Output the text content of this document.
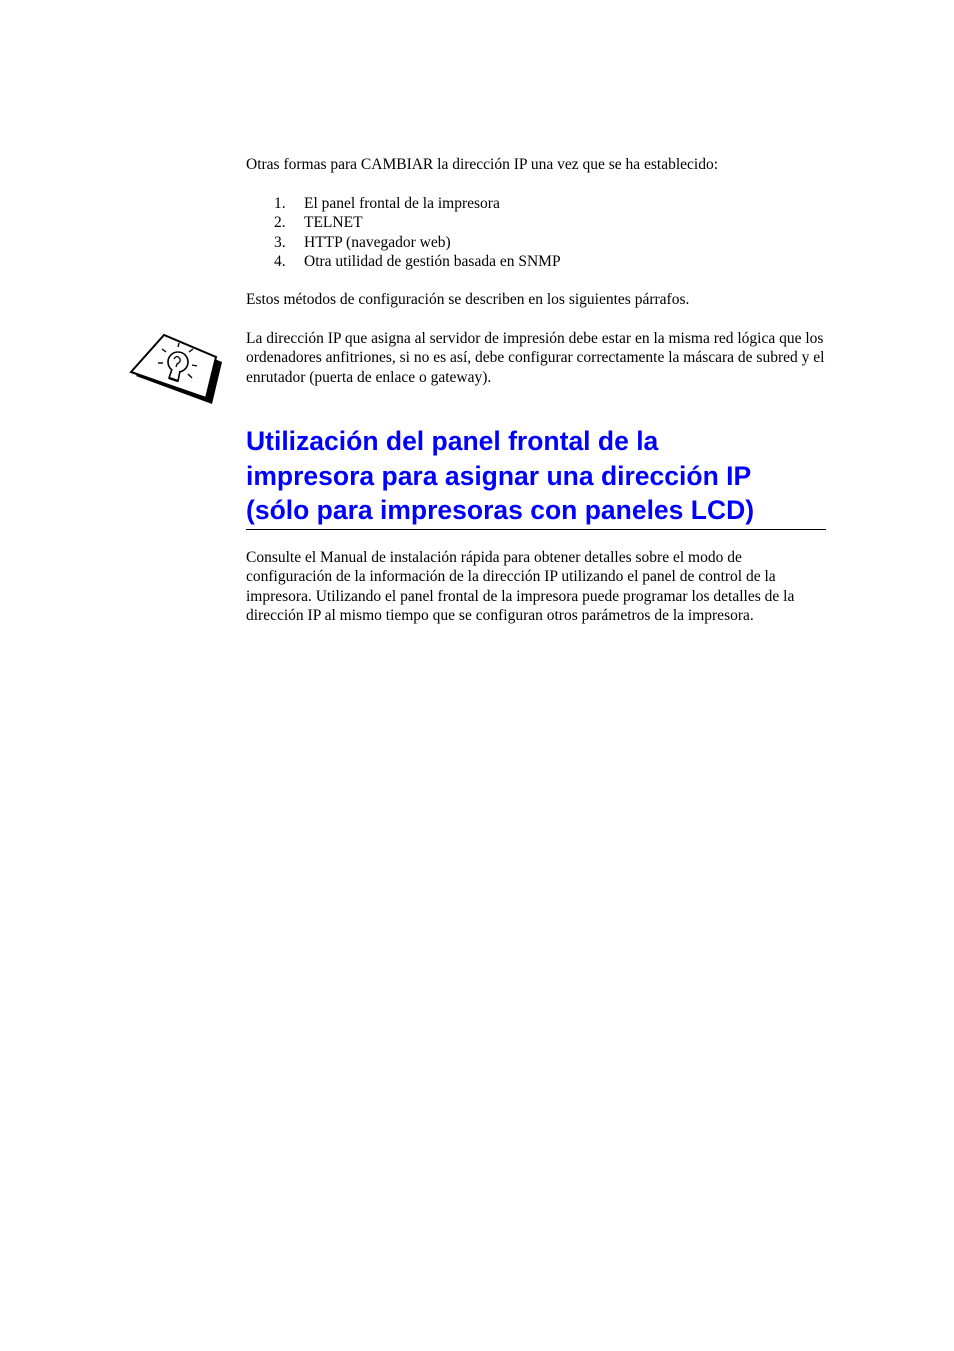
Otras formas para CAMBIAR la dirección IP una vez que se ha establecido:

1. El panel frontal de la impresora
2. TELNET
3. HTTP (navegador web)
4. Otra utilidad de gestión basada en SNMP

Estos métodos de configuración se describen en los siguientes párrafos.

La dirección IP que asigna al servidor de impresión debe estar en la misma red lógica que los ordenadores anfitriones, si no es así, debe configurar correctamente la máscara de subred y el enrutador (puerta de enlace o gateway).

Utilización del panel frontal de la
impresora para asignar una dirección IP
(sólo para impresoras con paneles LCD)

Consulte el Manual de instalación rápida para obtener detalles sobre el modo de configuración de la información de la dirección IP utilizando el panel de control de la impresora. Utilizando el panel frontal de la impresora puede programar los detalles de la dirección IP al mismo tiempo que se configuran otros parámetros de la impresora.
